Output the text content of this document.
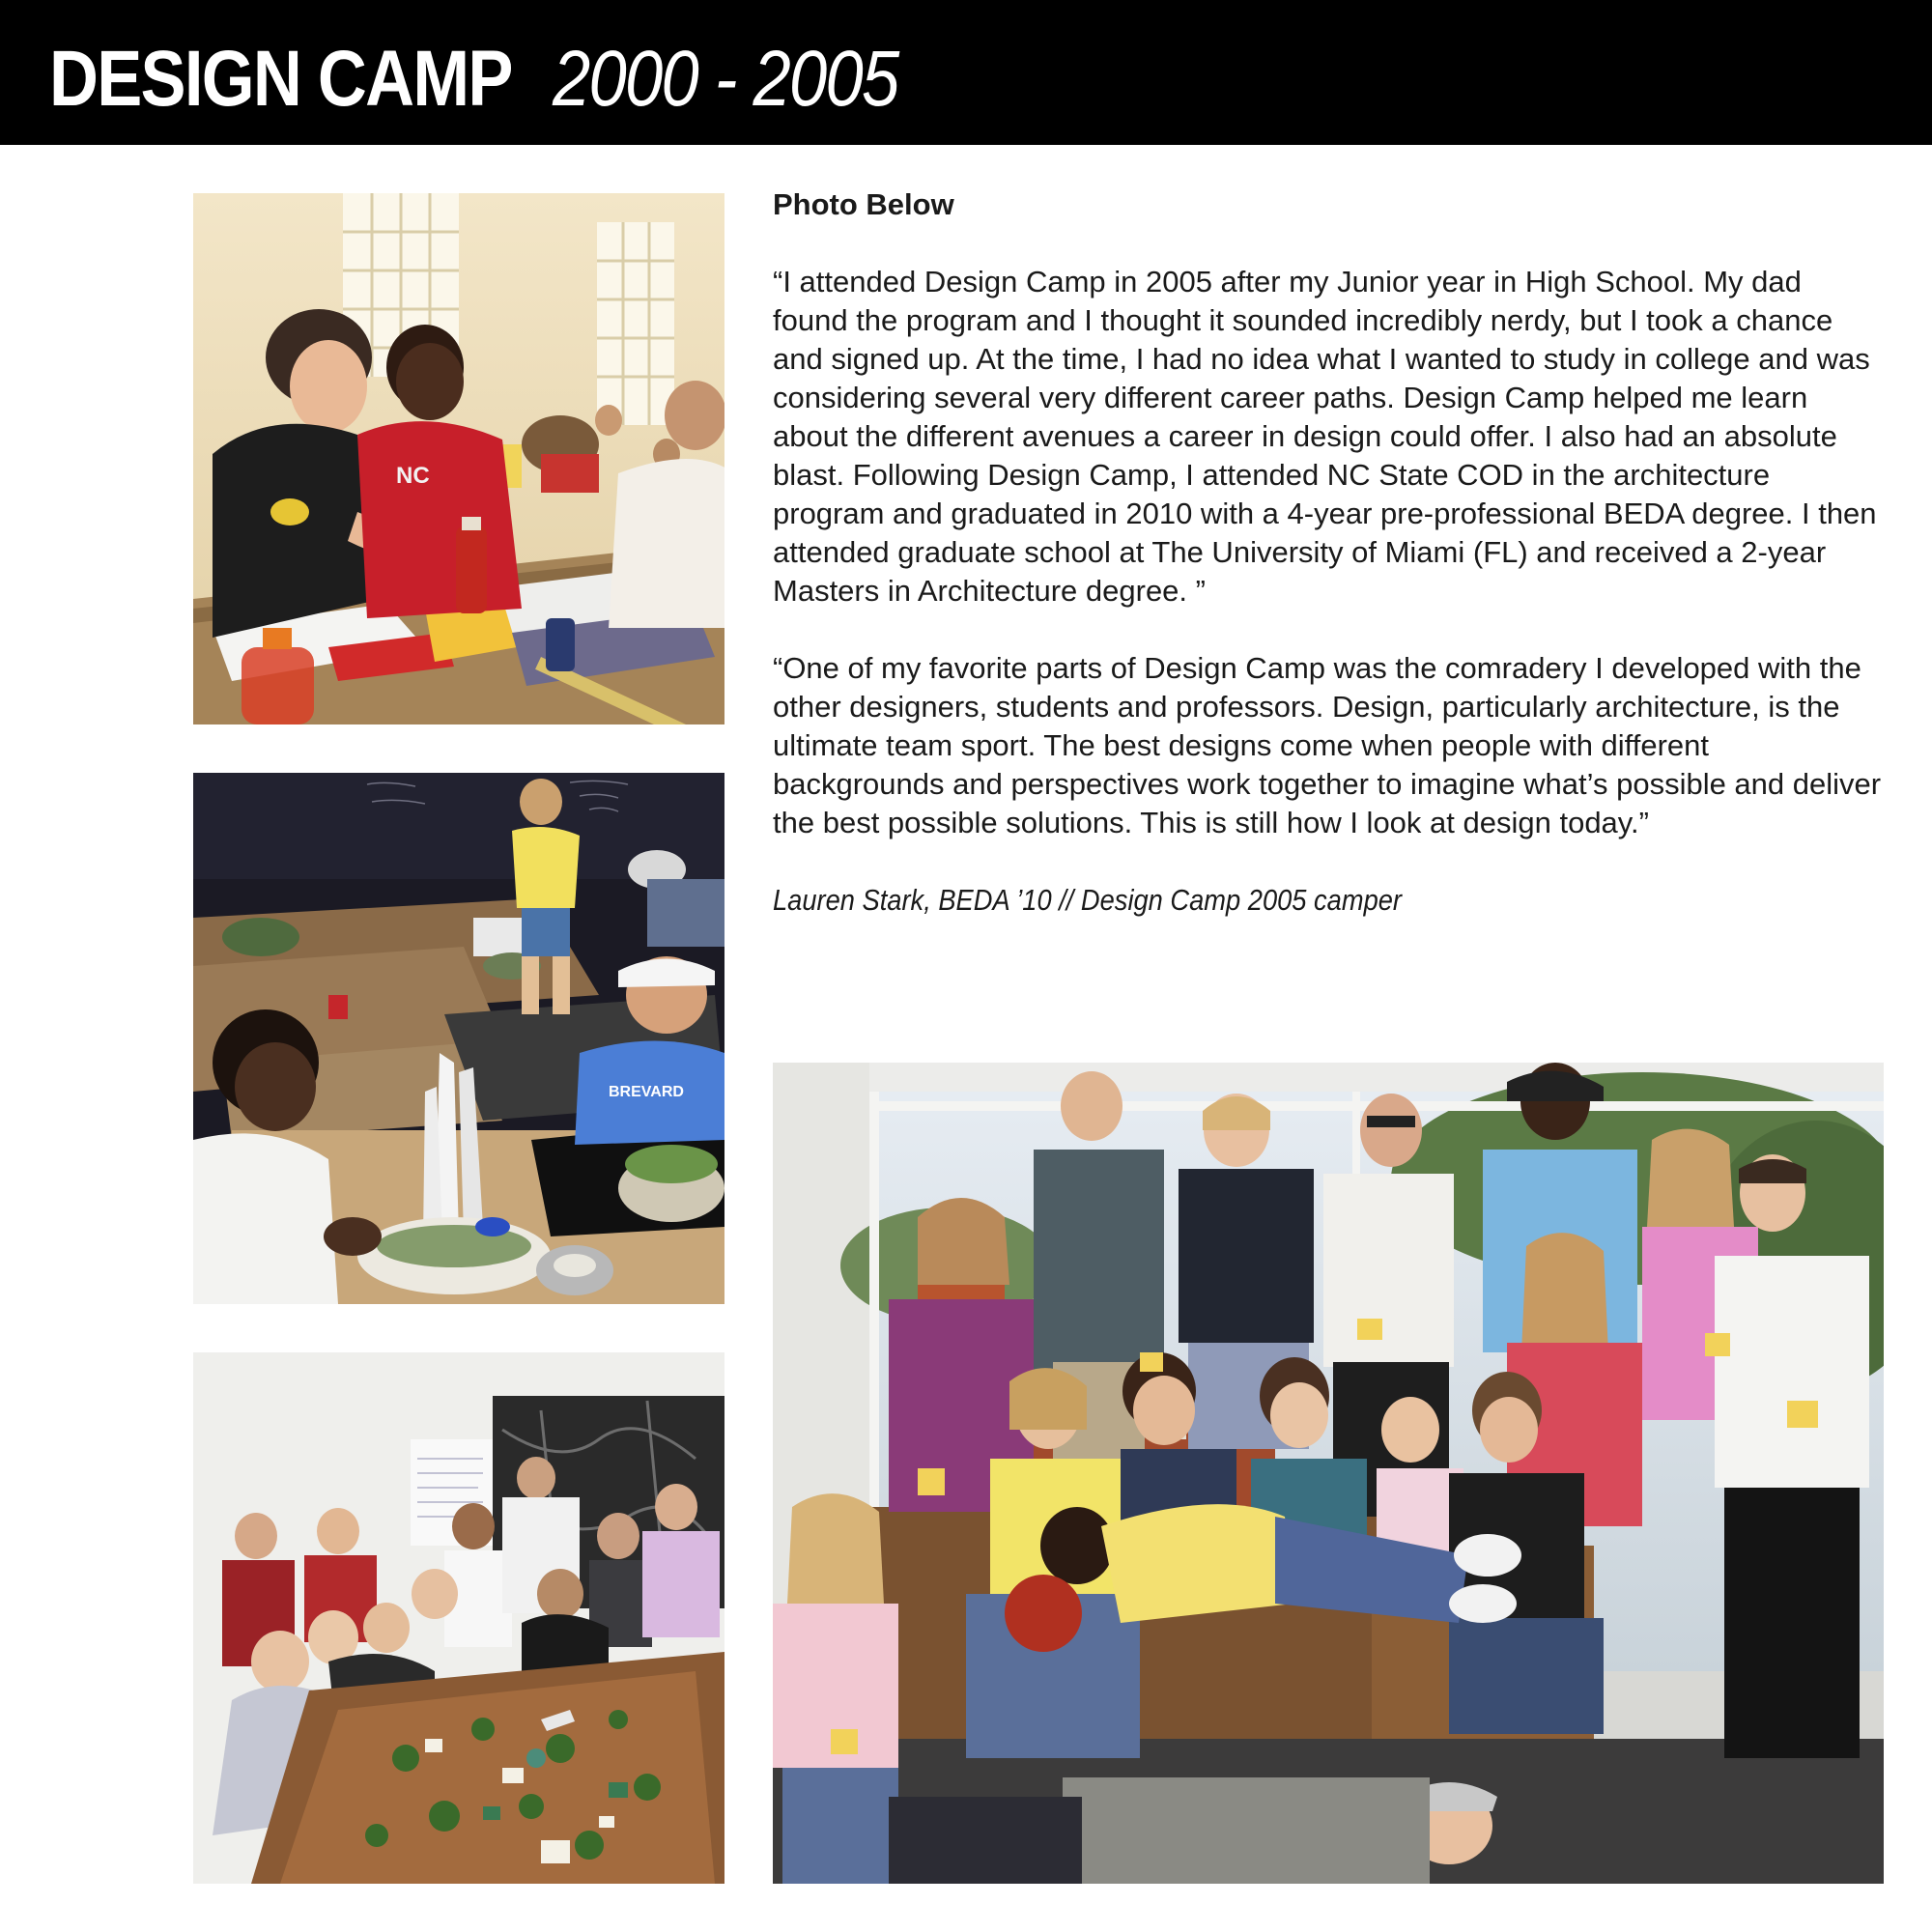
DESIGN CAMP 2000 - 2005
NC
BREVARD

Photo Below

“I attended Design Camp in 2005 after my Junior year in High School. My dad found the program and I thought it sounded incredibly nerdy, but I took a chance and signed up. At the time, I had no idea what I wanted to study in college and was considering several very different career paths. Design Camp helped me learn about the different avenues a career in design could offer. I also had an absolute blast. Following Design Camp, I attended NC State COD in the architecture program and graduated in 2010 with a 4-year pre-professional BEDA degree. I then attended graduate school at The University of Miami (FL) and received a 2-year Masters in Architecture degree. ”

“One of my favorite parts of Design Camp was the comradery I developed with the other designers, students and professors. Design, particularly architecture, is the ultimate team sport. The best designs come when people with different backgrounds and perspectives work together to imagine what’s possible and deliver the best possible solutions. This is still how I look at design today.”

Lauren Stark, BEDA ’10 // Design Camp 2005 camper
